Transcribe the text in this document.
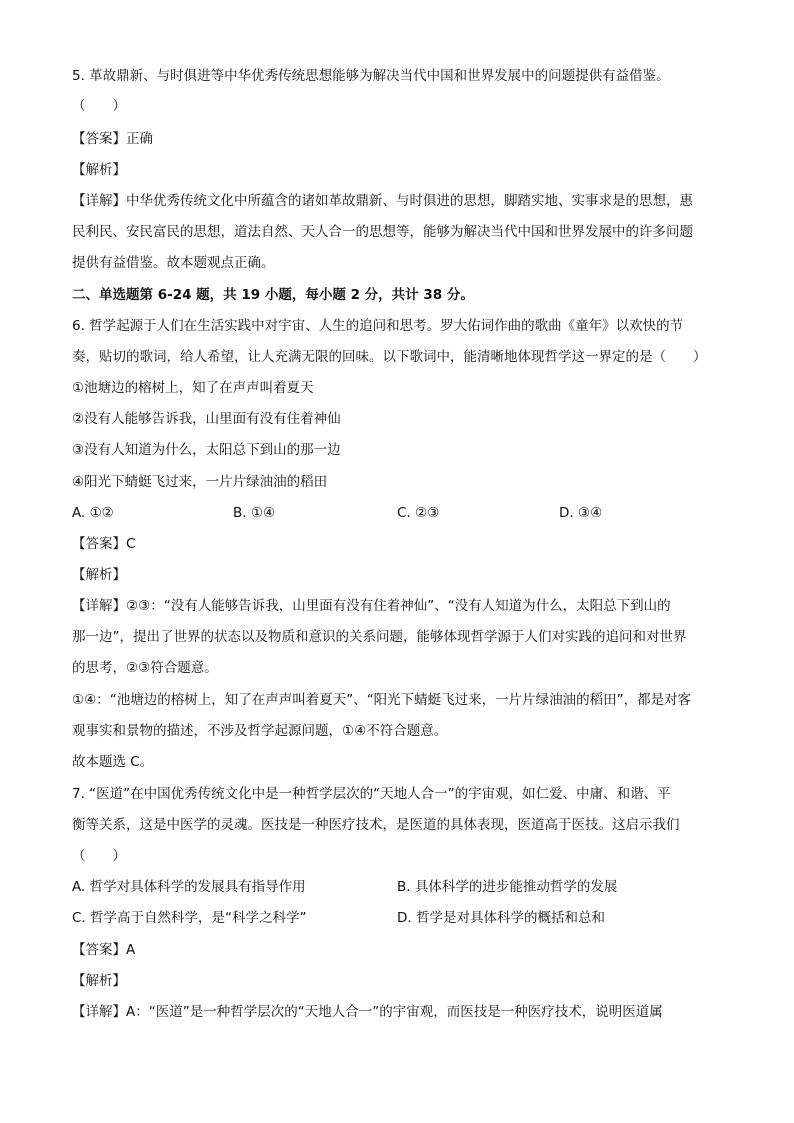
5. 革故鼎新、与时俱进等中华优秀传统思想能够为解决当代中国和世界发展中的问题提供有益借鉴。
（　　）
【答案】正确
【解析】
【详解】中华优秀传统文化中所蕴含的诸如革故鼎新、与时俱进的思想，脚踏实地、实事求是的思想，惠
民利民、安民富民的思想，道法自然、天人合一的思想等，能够为解决当代中国和世界发展中的许多问题
提供有益借鉴。故本题观点正确。
二、单选题第 6-24 题，共 19 小题，每小题 2 分，共计 38 分。
6. 哲学起源于人们在生活实践中对宇宙、人生的追问和思考。罗大佑词作曲的歌曲《童年》以欢快的节
奏，贴切的歌词，给人希望，让人充满无限的回味。以下歌词中，能清晰地体现哲学这一界定的是（　　）
①池塘边的榕树上，知了在声声叫着夏天
②没有人能够告诉我，山里面有没有住着神仙
③没有人知道为什么，太阳总下到山的那一边
④阳光下蜻蜓飞过来，一片片绿油油的稻田
A. ①②	B. ①④	C. ②③	D. ③④
【答案】C
【解析】
【详解】②③：“没有人能够告诉我，山里面有没有住着神仙”、“没有人知道为什么，太阳总下到山的
那一边”，提出了世界的状态以及物质和意识的关系问题，能够体现哲学源于人们对实践的追问和对世界
的思考，②③符合题意。
①④：“池塘边的榕树上，知了在声声叫着夏天”、“阳光下蜻蜓飞过来，一片片绿油油的稻田”，都是对客
观事实和景物的描述，不涉及哲学起源问题，①④不符合题意。
故本题选 C。
7. “医道”在中国优秀传统文化中是一种哲学层次的“天地人合一”的宇宙观，如仁爱、中庸、和谐、平
衡等关系，这是中医学的灵魂。医技是一种医疗技术，是医道的具体表现，医道高于医技。这启示我们
（　　）
A. 哲学对具体科学的发展具有指导作用	B. 具体科学的进步能推动哲学的发展
C. 哲学高于自然科学，是“科学之科学”	D. 哲学是对具体科学的概括和总和
【答案】A
【解析】
【详解】A：“医道”是一种哲学层次的“天地人合一”的宇宙观，而医技是一种医疗技术，说明医道属
